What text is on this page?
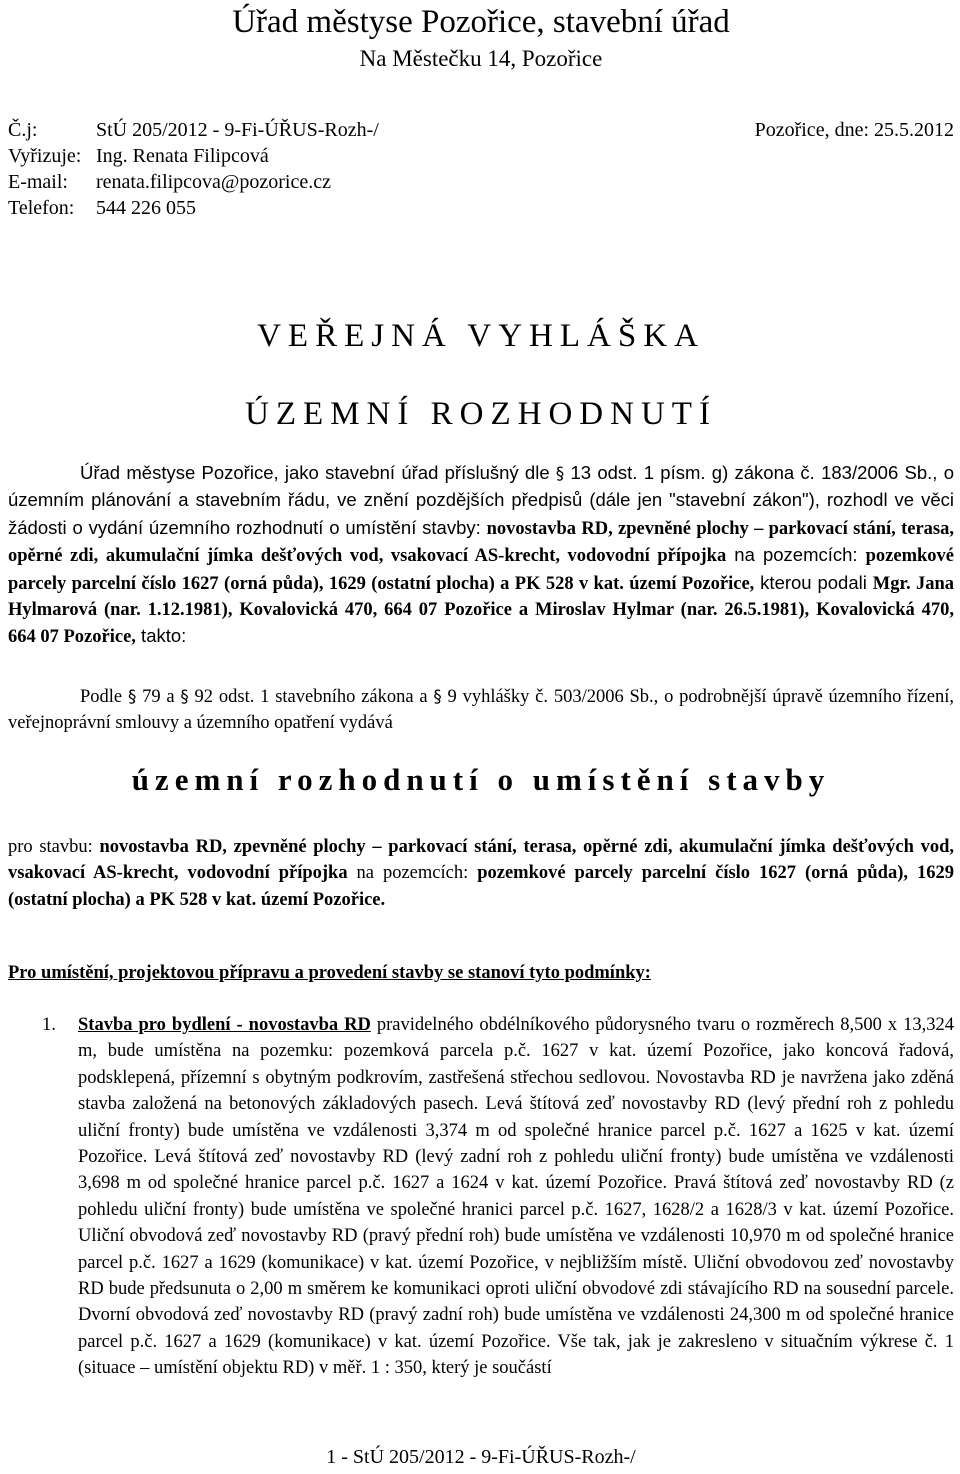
Úřad městyse Pozořice, stavební úřad
Na Městečku 14, Pozořice
Č.j:	StÚ 205/2012 - 9-Fi-ÚŘUS-Rozh-/	Pozořice, dne: 25.5.2012
Vyřizuje: Ing. Renata Filipcová
E-mail: renata.filipcova@pozorice.cz
Telefon: 544 226 055
VEŘEJNÁ VYHLÁŠKA
ÚZEMNÍ ROZHODNUTÍ

Úřad městyse Pozořice, jako stavební úřad příslušný dle § 13 odst. 1 písm. g) zákona č. 183/2006 Sb., o územním plánování a stavebním řádu, ve znění pozdějších předpisů (dále jen "stavební zákon"), rozhodl ve věci žádosti o vydání územního rozhodnutí o umístění stavby: novostavba RD, zpevněné plochy – parkovací stání, terasa, opěrné zdi, akumulační jímka dešťových vod, vsakovací AS-krecht, vodovodní přípojka na pozemcích: pozemkové parcely parcelní číslo 1627 (orná půda), 1629 (ostatní plocha) a PK 528 v kat. území Pozořice, kterou podali Mgr. Jana Hylmarová (nar. 1.12.1981), Kovalovická 470, 664 07 Pozořice a Miroslav Hylmar (nar. 26.5.1981), Kovalovická 470, 664 07 Pozořice, takto:

Podle § 79 a § 92 odst. 1 stavebního zákona a § 9 vyhlášky č. 503/2006 Sb., o podrobnější úpravě územního řízení, veřejnoprávní smlouvy a územního opatření vydává

územní rozhodnutí o umístění stavby

pro stavbu: novostavba RD, zpevněné plochy – parkovací stání, terasa, opěrné zdi, akumulační jímka dešťových vod, vsakovací AS-krecht, vodovodní přípojka na pozemcích: pozemkové parcely parcelní číslo 1627 (orná půda), 1629 (ostatní plocha) a PK 528 v kat. území Pozořice.

Pro umístění, projektovou přípravu a provedení stavby se stanoví tyto podmínky:
1. Stavba pro bydlení - novostavba RD pravidelného obdélníkového půdorysného tvaru o rozměrech 8,500 x 13,324 m, bude umístěna na pozemku: pozemková parcela p.č. 1627 v kat. území Pozořice, jako koncová řadová, podsklepená, přízemní s obytným podkrovím, zastřešená střechou sedlovou. Novostavba RD je navržena jako zděná stavba založená na betonových základových pasech. Levá štítová zeď novostavby RD (levý přední roh z pohledu uliční fronty) bude umístěna ve vzdálenosti 3,374 m od společné hranice parcel p.č. 1627 a 1625 v kat. území Pozořice. Levá štítová zeď novostavby RD (levý zadní roh z pohledu uliční fronty) bude umístěna ve vzdálenosti 3,698 m od společné hranice parcel p.č. 1627 a 1624 v kat. území Pozořice. Pravá štítová zeď novostavby RD (z pohledu uliční fronty) bude umístěna ve společné hranici parcel p.č. 1627, 1628/2 a 1628/3 v kat. území Pozořice. Uliční obvodová zeď novostavby RD (pravý přední roh) bude umístěna ve vzdálenosti 10,970 m od společné hranice parcel p.č. 1627 a 1629 (komunikace) v kat. území Pozořice, v nejbližším místě. Uliční obvodovou zeď novostavby RD bude předsunuta o 2,00 m směrem ke komunikaci oproti uliční obvodové zdi stávajícího RD na sousední parcele. Dvorní obvodová zeď novostavby RD (pravý zadní roh) bude umístěna ve vzdálenosti 24,300 m od společné hranice parcel p.č. 1627 a 1629 (komunikace) v kat. území Pozořice. Vše tak, jak je zakresleno v situačním výkrese č. 1 (situace – umístění objektu RD) v měř. 1 : 350, který je součástí

1 - StÚ 205/2012 - 9-Fi-ÚŘUS-Rozh-/
